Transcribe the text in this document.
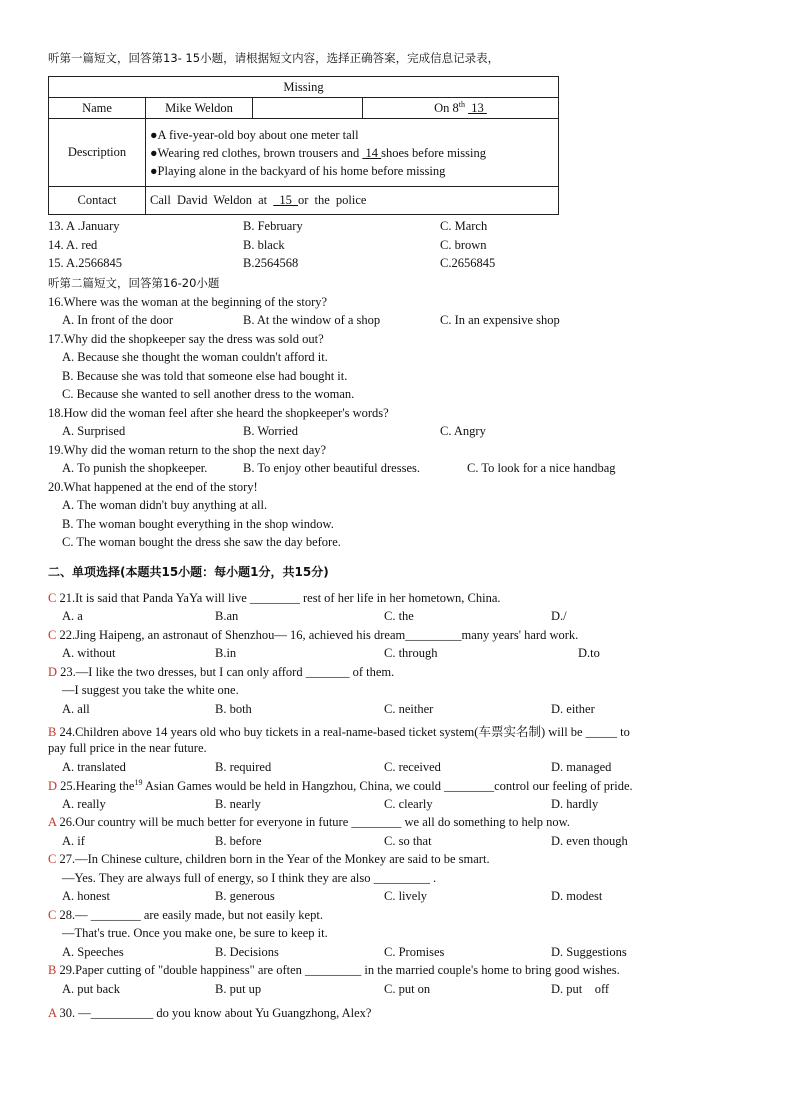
听第一篇短文，回答第13- 15小题，请根据短文内容，选择正确答案，完成信息记录表，
Missing			
Name	Mike Weldon		On 8th  13
Description	●A five-year-old boy about one meter tall
●Wearing red clothes, brown trousers and  14 shoes before missing
●Playing alone in the backyard of his home before missing		

Contact	Call David Weldon at  15 or the police		
13. A .January	B. February	C. March
14. A. red	B. black	C. brown
15. A.2566845	B.2564568	C.2656845
听第二篇短文，回答第16-20小题
16.Where was the woman at the beginning of the story?
A. In front of the door	B. At the window of a shop	C. In an expensive shop
17.Why did the shopkeeper say the dress was sold out?
A. Because she thought the woman couldn't afford it.
B. Because she was told that someone else had bought it.
C. Because she wanted to sell another dress to the woman.
18.How did the woman feel after she heard the shopkeeper's words?
A. Surprised	B. Worried	C. Angry
19.Why did the woman return to the shop the next day?
A. To punish the shopkeeper.	B. To enjoy other beautiful dresses.	C. To look for a nice handbag
20.What happened at the end of the story!
A. The woman didn't buy anything at all.
B. The woman bought everything in the shop window.
C. The woman bought the dress she saw the day before.
二、单项选择(本题共15小题：每小题1分，共15分)
C 21.It is said that Panda YaYa will live ________ rest of her life in her hometown, China.
A. a	B.an	C. the	D./
C 22.Jing Haipeng, an astronaut of Shenzhou— 16, achieved his dream_________many years' hard work.
A. without	B.in	C. through	D.to
D 23.—I like the two dresses, but I can only afford _______ of them.
—I suggest you take the white one.
A. all	B. both	C. neither	D. either
B 24.Children above 14 years old who buy tickets in a real-name-based ticket system(车票实名制) will be _____ to
pay full price in the near future.
A. translated	B. required	C. received	D. managed
D 25.Hearing the$^{19}$ Asian Games would be held in Hangzhou, China, we could ________control our feeling of pride.
A. really	B. nearly	C. clearly	D. hardly
A 26.Our country will be much better for everyone in future ________ we all do something to help now.
A. if	B. before	C. so that	D. even though
C 27.—In Chinese culture, children born in the Year of the Monkey are said to be smart.
—Yes. They are always full of energy, so I think they are also _________ .
A. honest	B. generous	C. lively	D. modest
C 28.— ________ are easily made, but not easily kept.
—That's true. Once you make one, be sure to keep it.
A. Speeches	B. Decisions	C. Promises	D. Suggestions
B 29.Paper cutting of "double happiness" are often _________ in the married couple's home to bring good wishes.
A. put back	B. put up	C. put on	D. put    off
A 30. —__________ do you know about Yu Guangzhong, Alex?
